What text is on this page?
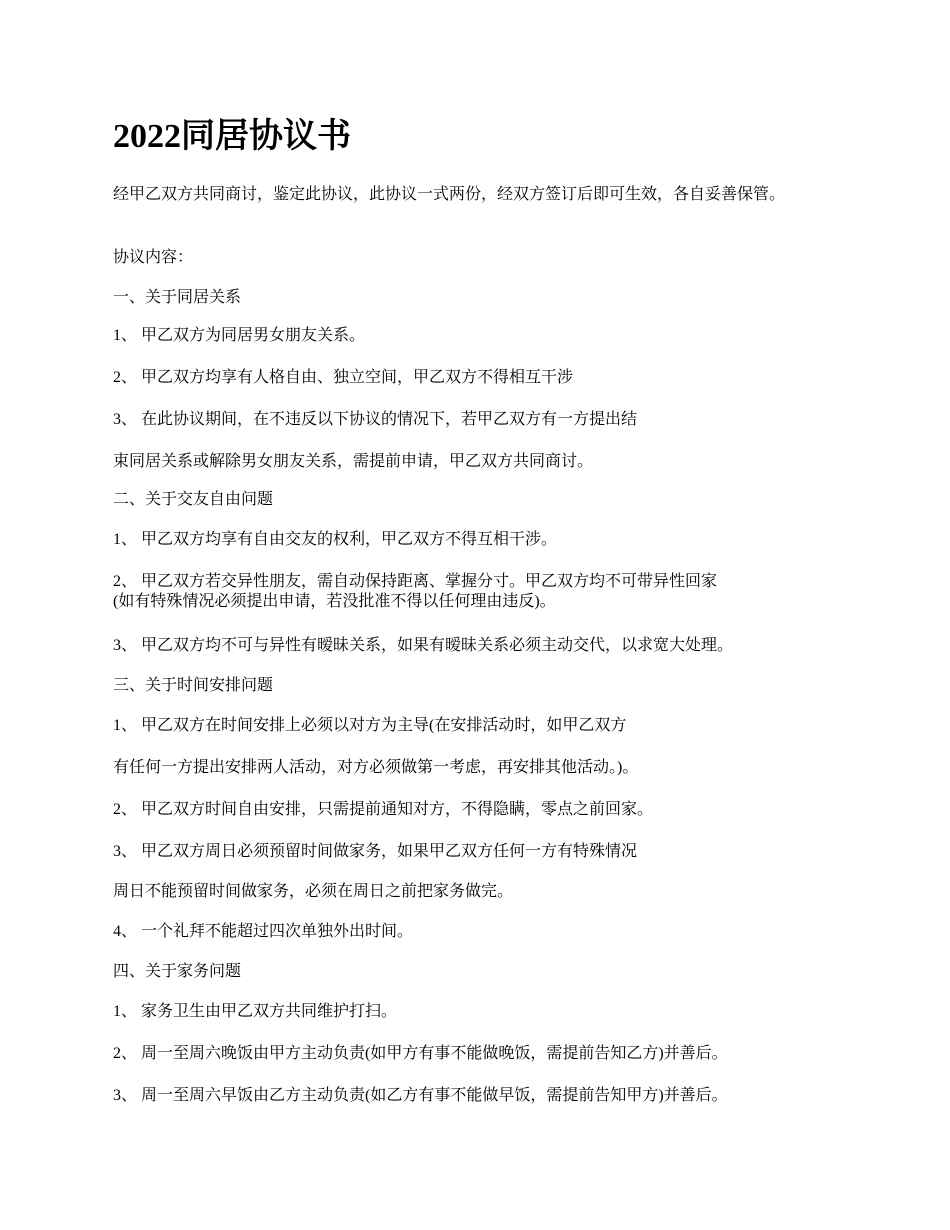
2022同居协议书

经甲乙双方共同商讨，鉴定此协议，此协议一式两份，经双方签订后即可生效，各自妥善保管。

协议内容：

一、关于同居关系

1、 甲乙双方为同居男女朋友关系。

2、 甲乙双方均享有人格自由、独立空间，甲乙双方不得相互干涉

3、 在此协议期间，在不违反以下协议的情况下，若甲乙双方有一方提出结

束同居关系或解除男女朋友关系，需提前申请，甲乙双方共同商讨。

二、关于交友自由问题

1、 甲乙双方均享有自由交友的权利，甲乙双方不得互相干涉。

2、 甲乙双方若交异性朋友，需自动保持距离、掌握分寸。甲乙双方均不可带异性回家
(如有特殊情况必须提出申请，若没批准不得以任何理由违反)。

3、 甲乙双方均不可与异性有暧昧关系，如果有暧昧关系必须主动交代，以求宽大处理。

三、关于时间安排问题

1、 甲乙双方在时间安排上必须以对方为主导(在安排活动时，如甲乙双方

有任何一方提出安排两人活动，对方必须做第一考虑，再安排其他活动。)。

2、 甲乙双方时间自由安排，只需提前通知对方，不得隐瞒，零点之前回家。

3、 甲乙双方周日必须预留时间做家务，如果甲乙双方任何一方有特殊情况

周日不能预留时间做家务，必须在周日之前把家务做完。

4、 一个礼拜不能超过四次单独外出时间。

四、关于家务问题

1、 家务卫生由甲乙双方共同维护打扫。

2、 周一至周六晚饭由甲方主动负责(如甲方有事不能做晚饭，需提前告知乙方)并善后。

3、 周一至周六早饭由乙方主动负责(如乙方有事不能做早饭，需提前告知甲方)并善后。
